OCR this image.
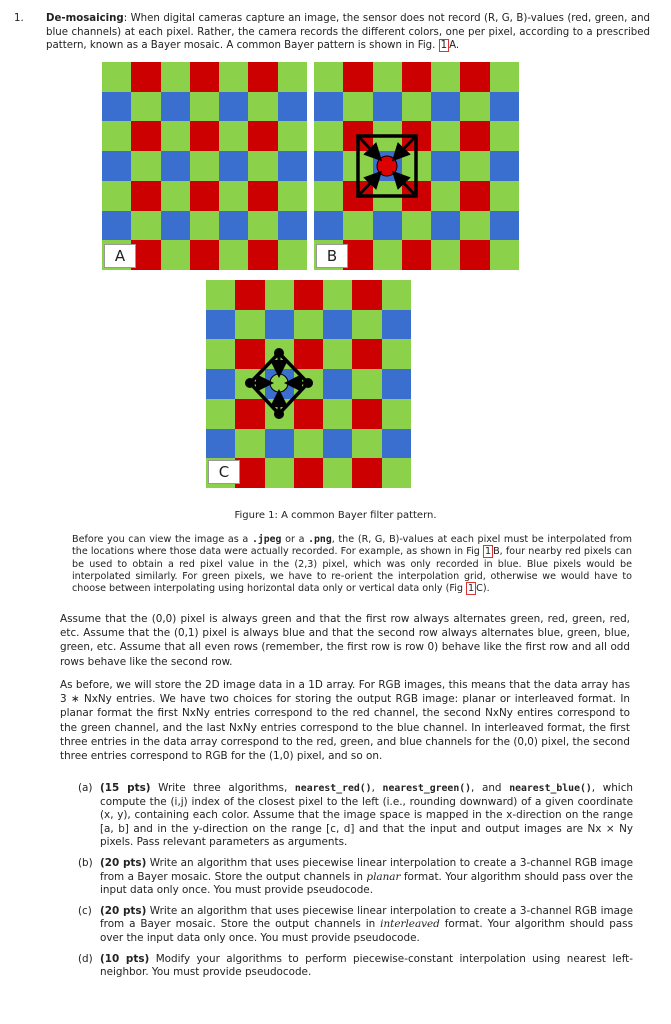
1. De-mosaicing: When digital cameras capture an image, the sensor does not record (R, G, B)-values (red, green, and blue channels) at each pixel. Rather, the camera records the different colors, one per pixel, according to a prescribed pattern, known as a Bayer mosaic. A common Bayer pattern is shown in Fig. 1 A.

A	B
C
Figure 1: A common Bayer filter pattern.
Before you can view the image as a .jpeg or a .png, the (R, G, B)-values at each pixel must be interpolated from the locations where those data were actually recorded. For example, as shown in Fig 1 B, four nearby red pixels can be used to obtain a red pixel value in the (2,3) pixel, which was only recorded in blue. Blue pixels would be interpolated similarly. For green pixels, we have to re-orient the interpolation grid, otherwise we would have to choose between interpolating using horizontal data only or vertical data only (Fig 1 C).
Assume that the (0,0) pixel is always green and that the first row always alternates green, red, green, red, etc. Assume that the (0,1) pixel is always blue and that the second row always alternates blue, green, blue, green, etc. Assume that all even rows (remember, the first row is row 0) behave like the first row and all odd rows behave like the second row.
As before, we will store the 2D image data in a 1D array. For RGB images, this means that the data array has 3 ∗ NxNy entries. We have two choices for storing the output RGB image: planar or interleaved format. In planar format the first NxNy entries correspond to the red channel, the second NxNy entires correspond to the green channel, and the last NxNy entries correspond to the blue channel. In interleaved format, the first three entries in the data array correspond to the red, green, and blue channels for the (0,0) pixel, the second three entries correspond to RGB for the (1,0) pixel, and so on.
(a) (15 pts) Write three algorithms, nearest_red(), nearest_green(), and nearest_blue(), which compute the (i,j) index of the closest pixel to the left (i.e., rounding downward) of a given coordinate (x, y), containing each color. Assume that the image space is mapped in the x-direction on the range [a, b] and in the y-direction on the range [c, d] and that the input and output images are Nx × Ny pixels. Pass relevant parameters as arguments.
(b) (20 pts) Write an algorithm that uses piecewise linear interpolation to create a 3-channel RGB image from a Bayer mosaic. Store the output channels in planar format. Your algorithm should pass over the input data only once. You must provide pseudocode.
(c) (20 pts) Write an algorithm that uses piecewise linear interpolation to create a 3-channel RGB image from a Bayer mosaic. Store the output channels in interleaved format. Your algorithm should pass over the input data only once. You must provide pseudocode.
(d) (10 pts) Modify your algorithms to perform piecewise-constant interpolation using nearest left-neighbor. You must provide pseudocode.
